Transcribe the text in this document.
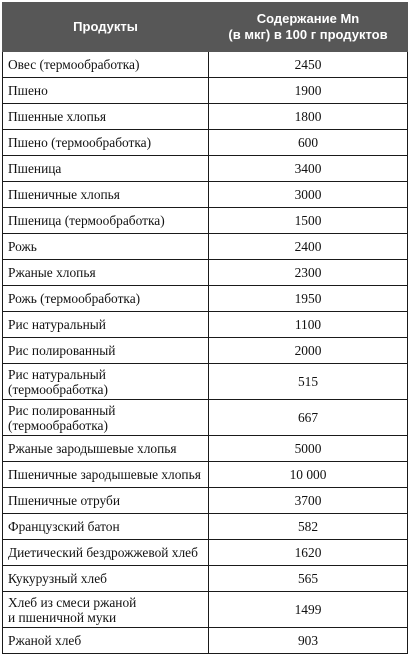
Продукты	Содержание Mn
(в мкг) в 100 г продуктов
Овес (термообработка)	2450
Пшено	1900
Пшенные хлопья	1800
Пшено (термообработка)	600
Пшеница	3400
Пшеничные хлопья	3000
Пшеница (термообработка)	1500
Рожь	2400
Ржаные хлопья	2300
Рожь (термообработка)	1950
Рис натуральный	1100
Рис полированный	2000
Рис натуральный
(термообработка)	515
Рис полированный
(термообработка)	667
Ржаные зародышевые хлопья	5000
Пшеничные зародышевые хлопья	10 000
Пшеничные отруби	3700
Французский батон	582
Диетический бездрожжевой хлеб	1620
Кукурузный хлеб	565
Хлеб из смеси ржаной
и пшеничной муки	1499
Ржаной хлеб	903
